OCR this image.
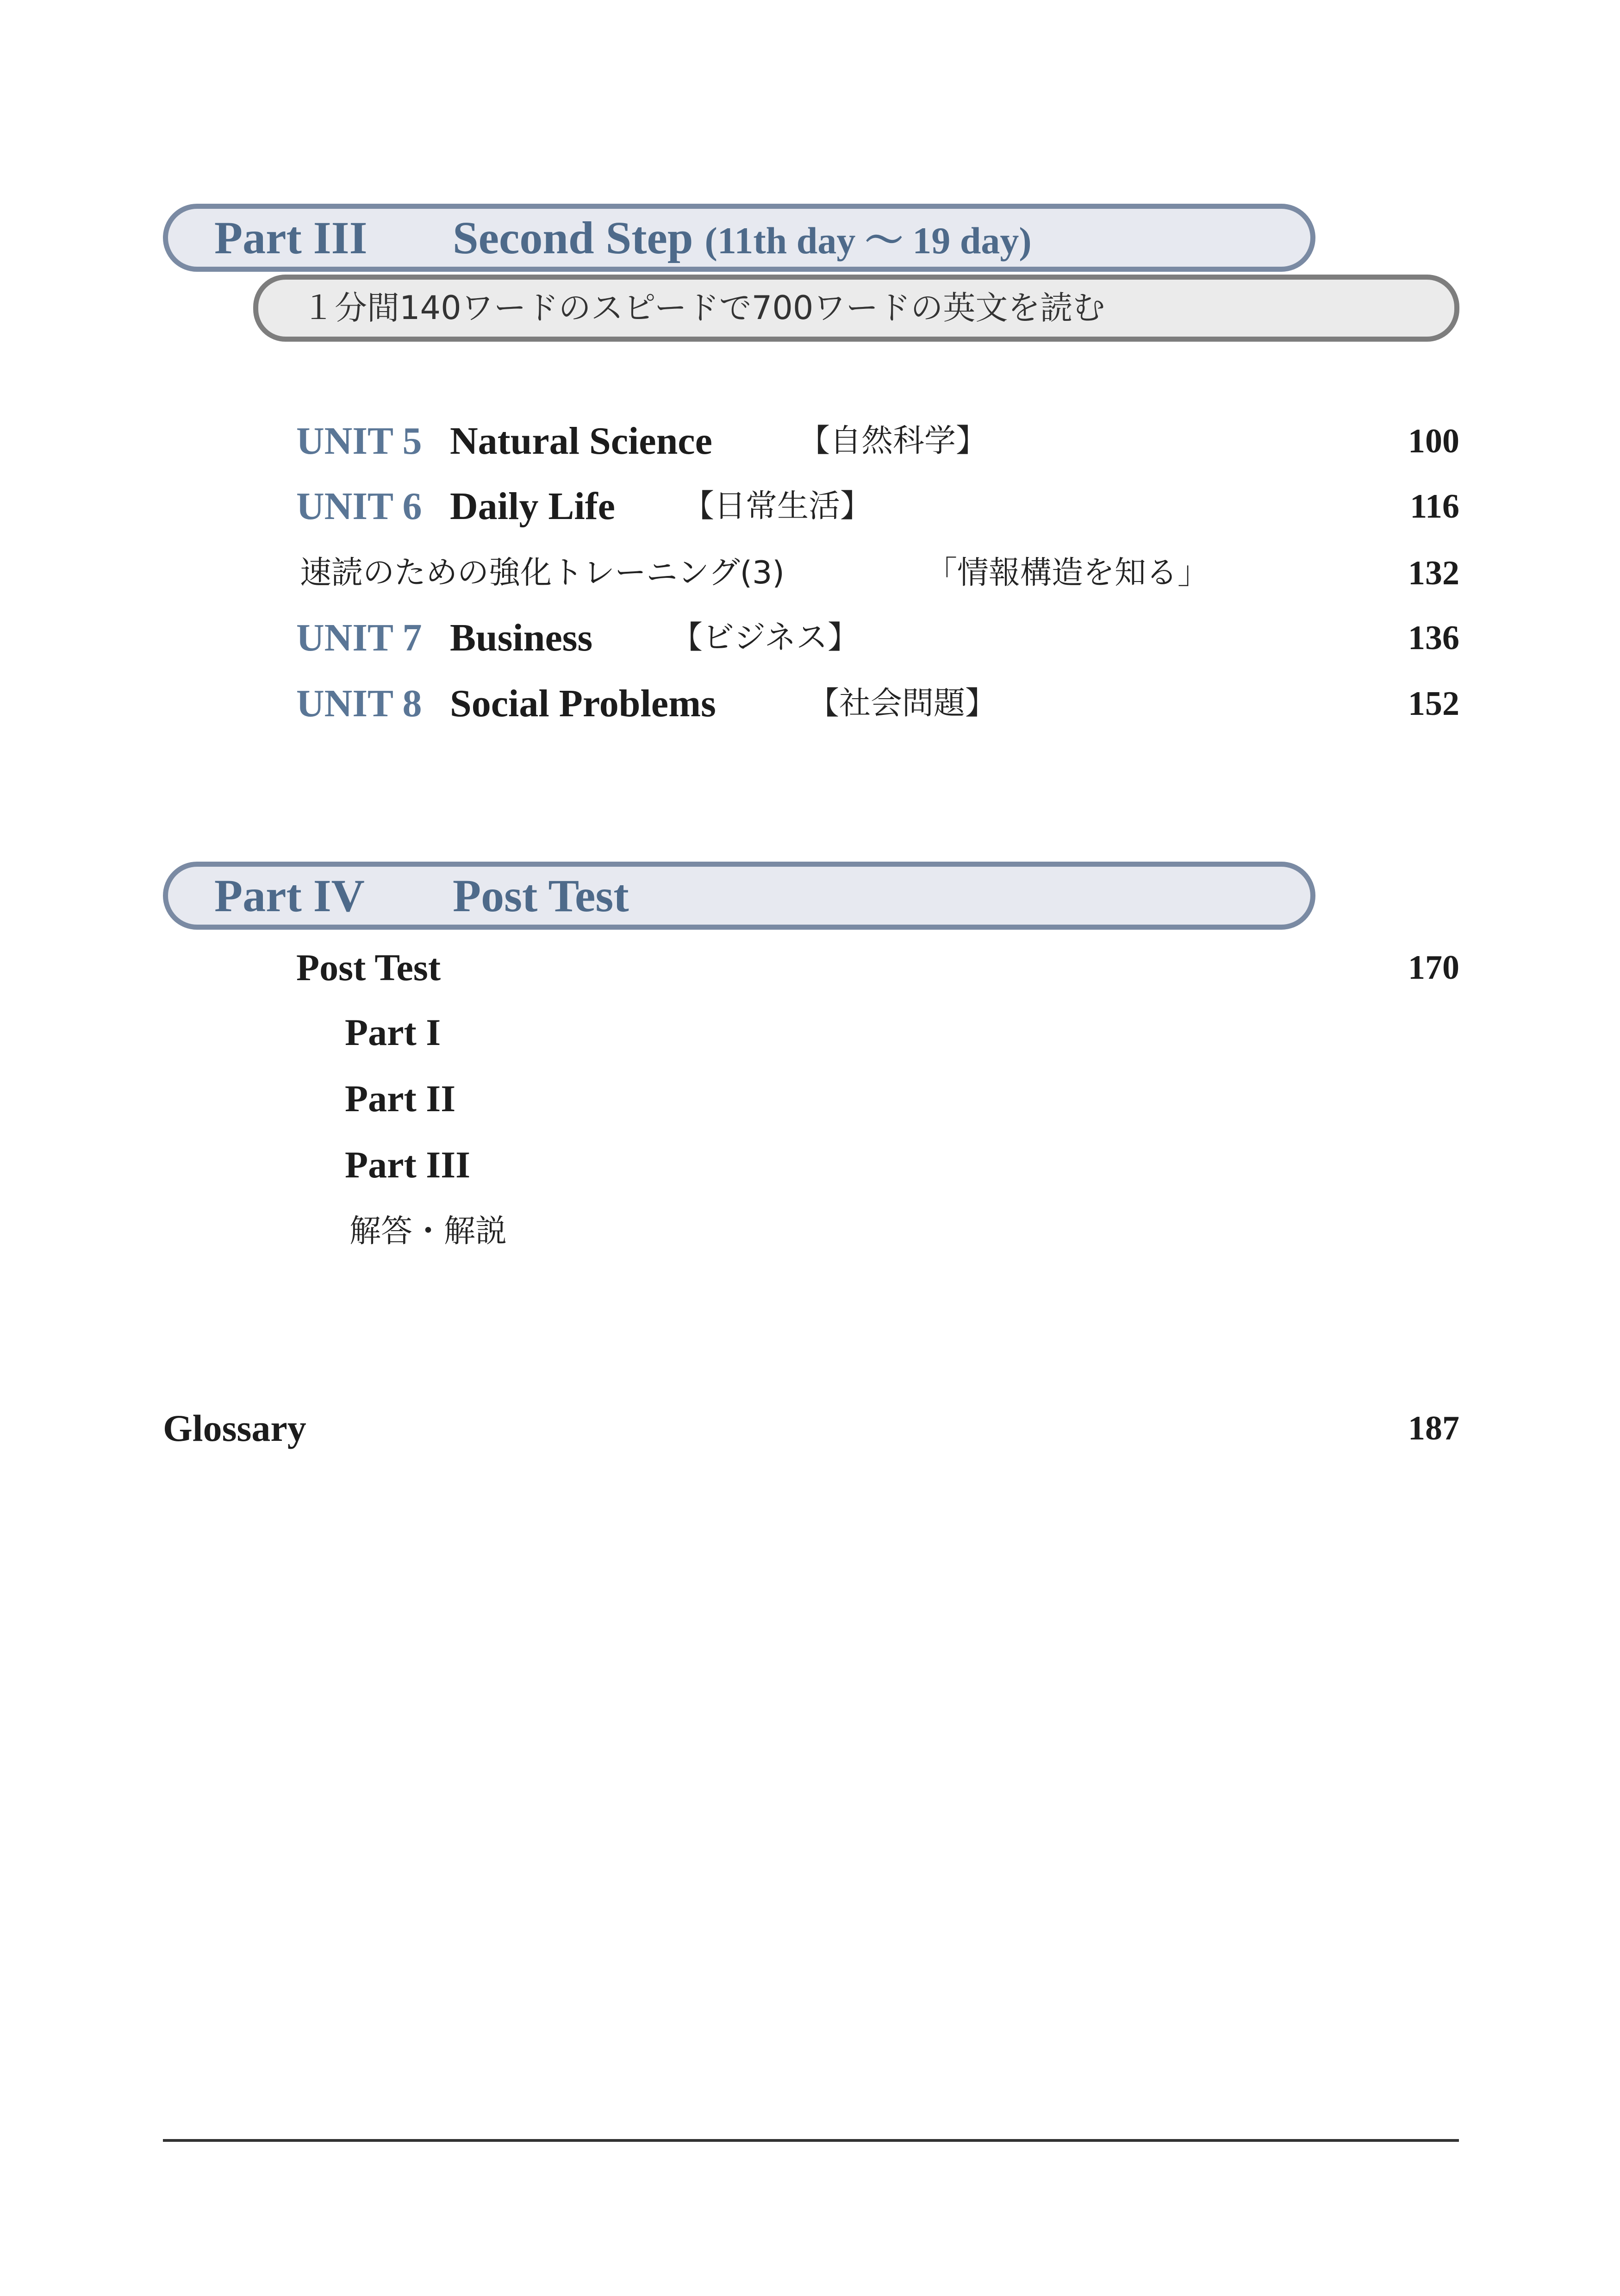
Part III Second Step (11th day ～ 19 day)
１分間140ワードのスピードで700ワードの英文を読む
UNIT 5 Natural Science	【自然科学】	100
UNIT 6 Daily Life 【日常生活】	116
速読のための強化トレーニング(3)	「情報構造を知る」	132
UNIT 7 Business 【ビジネス】	136
UNIT 8 Social Problems	【社会問題】	152
Part IV Post Test
Post Test	170
Part I
Part II
Part III
解答・解説
Glossary	187
